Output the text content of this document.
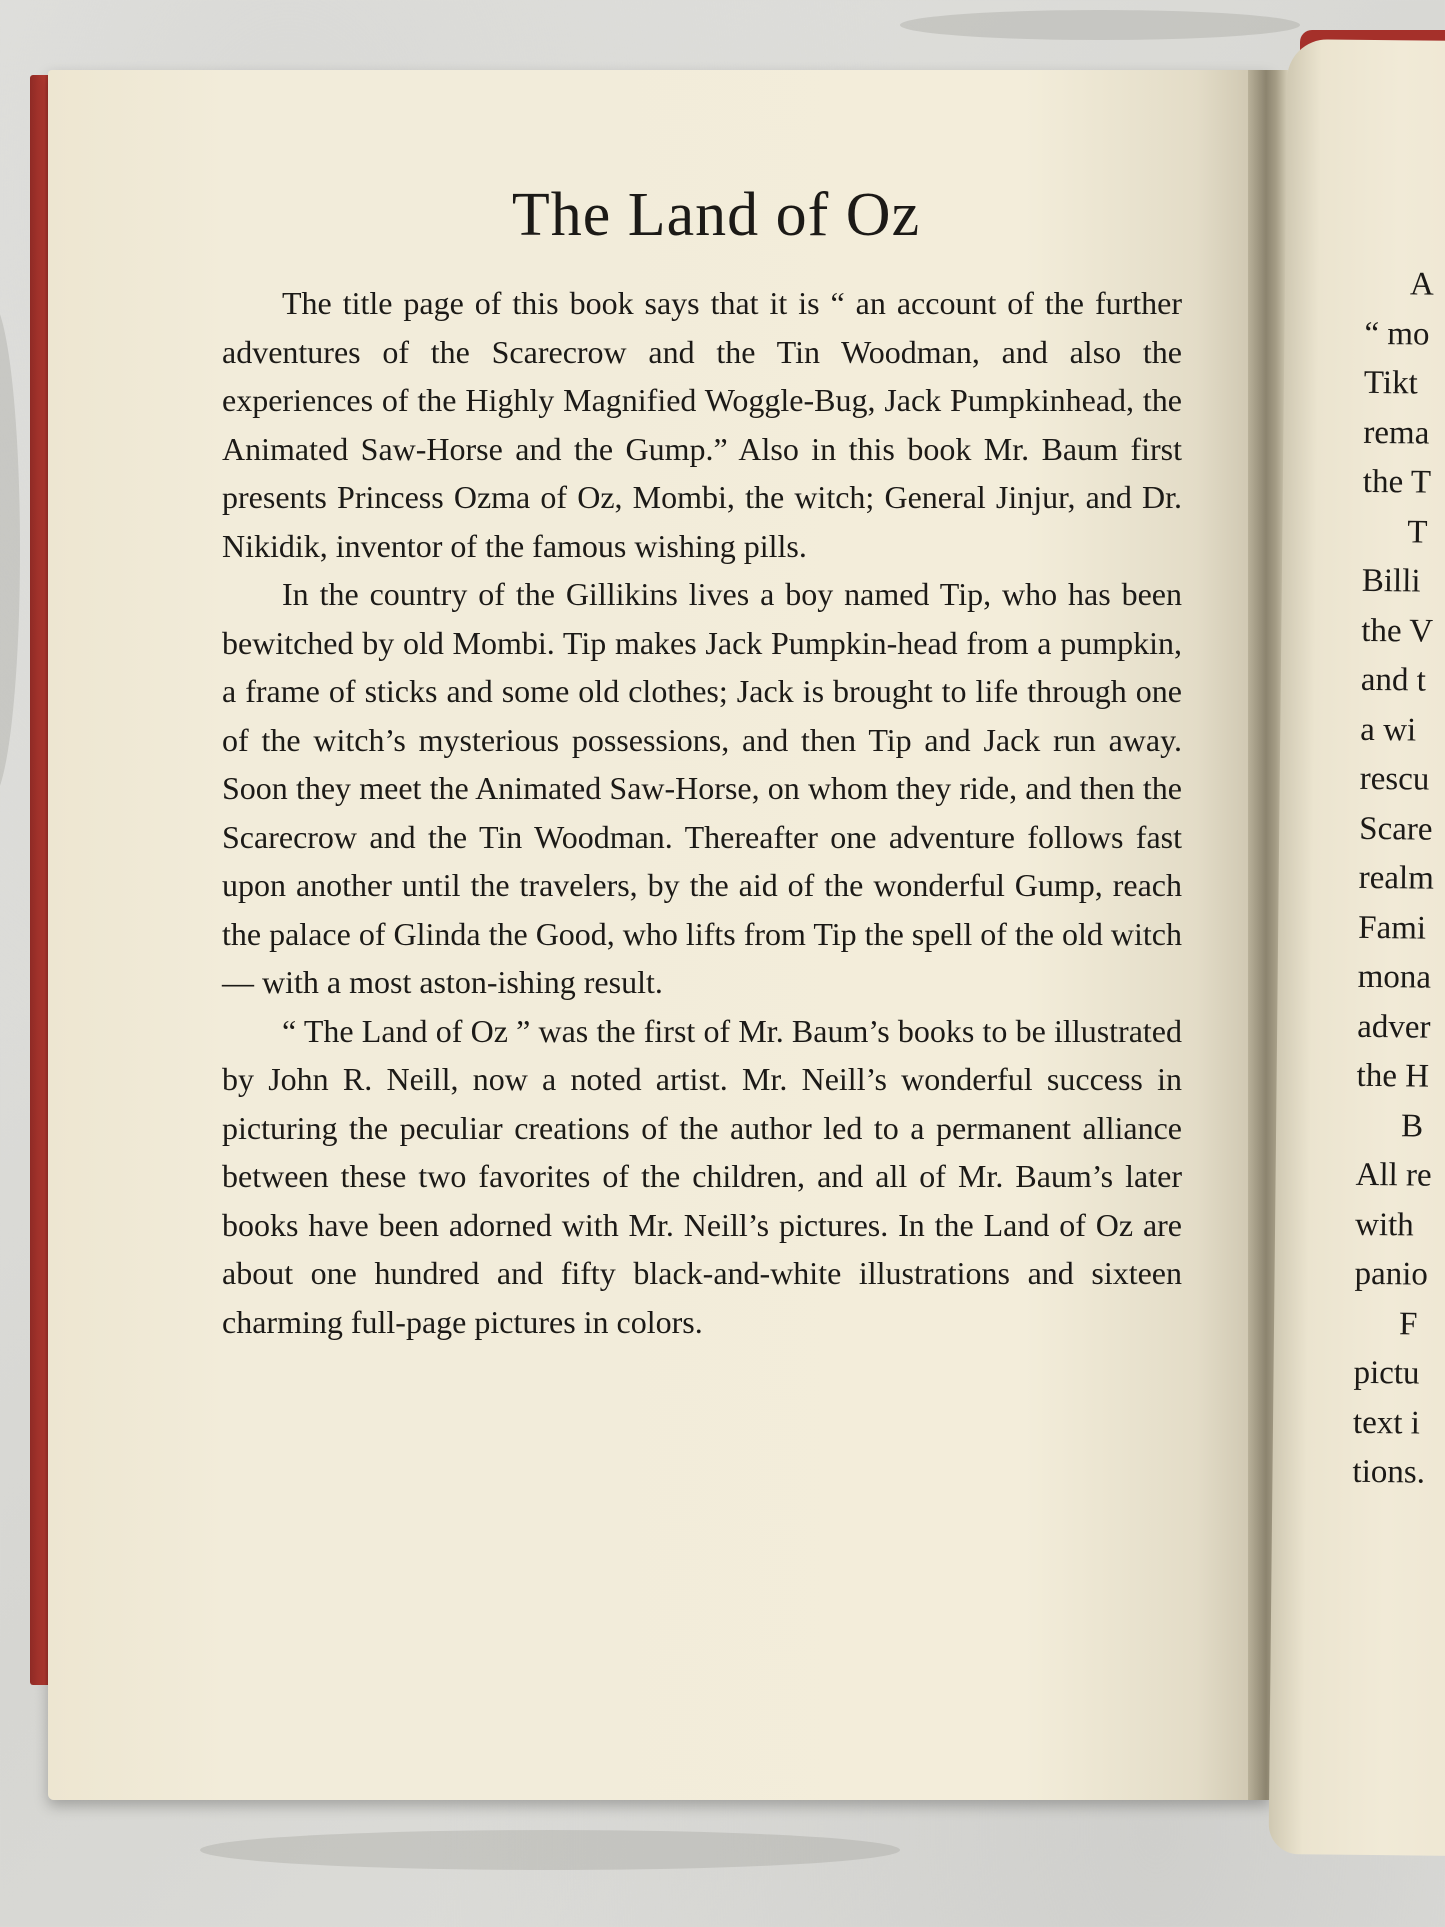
The Land of Oz

The title page of this book says that it is “ an account of the further adventures of the Scarecrow and the Tin Woodman, and also the experiences of the Highly Magnified Woggle-Bug, Jack Pumpkinhead, the Animated Saw-Horse and the Gump.” Also in this book Mr. Baum first presents Princess Ozma of Oz, Mombi, the witch; General Jinjur, and Dr. Nikidik, inventor of the famous wishing pills.

In the country of the Gillikins lives a boy named Tip, who has been bewitched by old Mombi. Tip makes Jack Pumpkin-head from a pumpkin, a frame of sticks and some old clothes; Jack is brought to life through one of the witch’s mysterious possessions, and then Tip and Jack run away. Soon they meet the Animated Saw-Horse, on whom they ride, and then the Scarecrow and the Tin Woodman. Thereafter one adventure follows fast upon another until the travelers, by the aid of the wonderful Gump, reach the palace of Glinda the Good, who lifts from Tip the spell of the old witch — with a most aston-ishing result.

“ The Land of Oz ” was the first of Mr. Baum’s books to be illustrated by John R. Neill, now a noted artist. Mr. Neill’s wonderful success in picturing the peculiar creations of the author led to a permanent alliance between these two favorites of the children, and all of Mr. Baum’s later books have been adorned with Mr. Neill’s pictures. In the Land of Oz are about one hundred and fifty black-and-white illustrations and sixteen charming full-page pictures in colors.

A
“ mo
Tikt
rema
the T
T
Billi
the V
and t
a wi
rescu
Scare
realm
Fami
mona
adver
the H
B
All re
with
panio
F
pictu
text i
tions.
